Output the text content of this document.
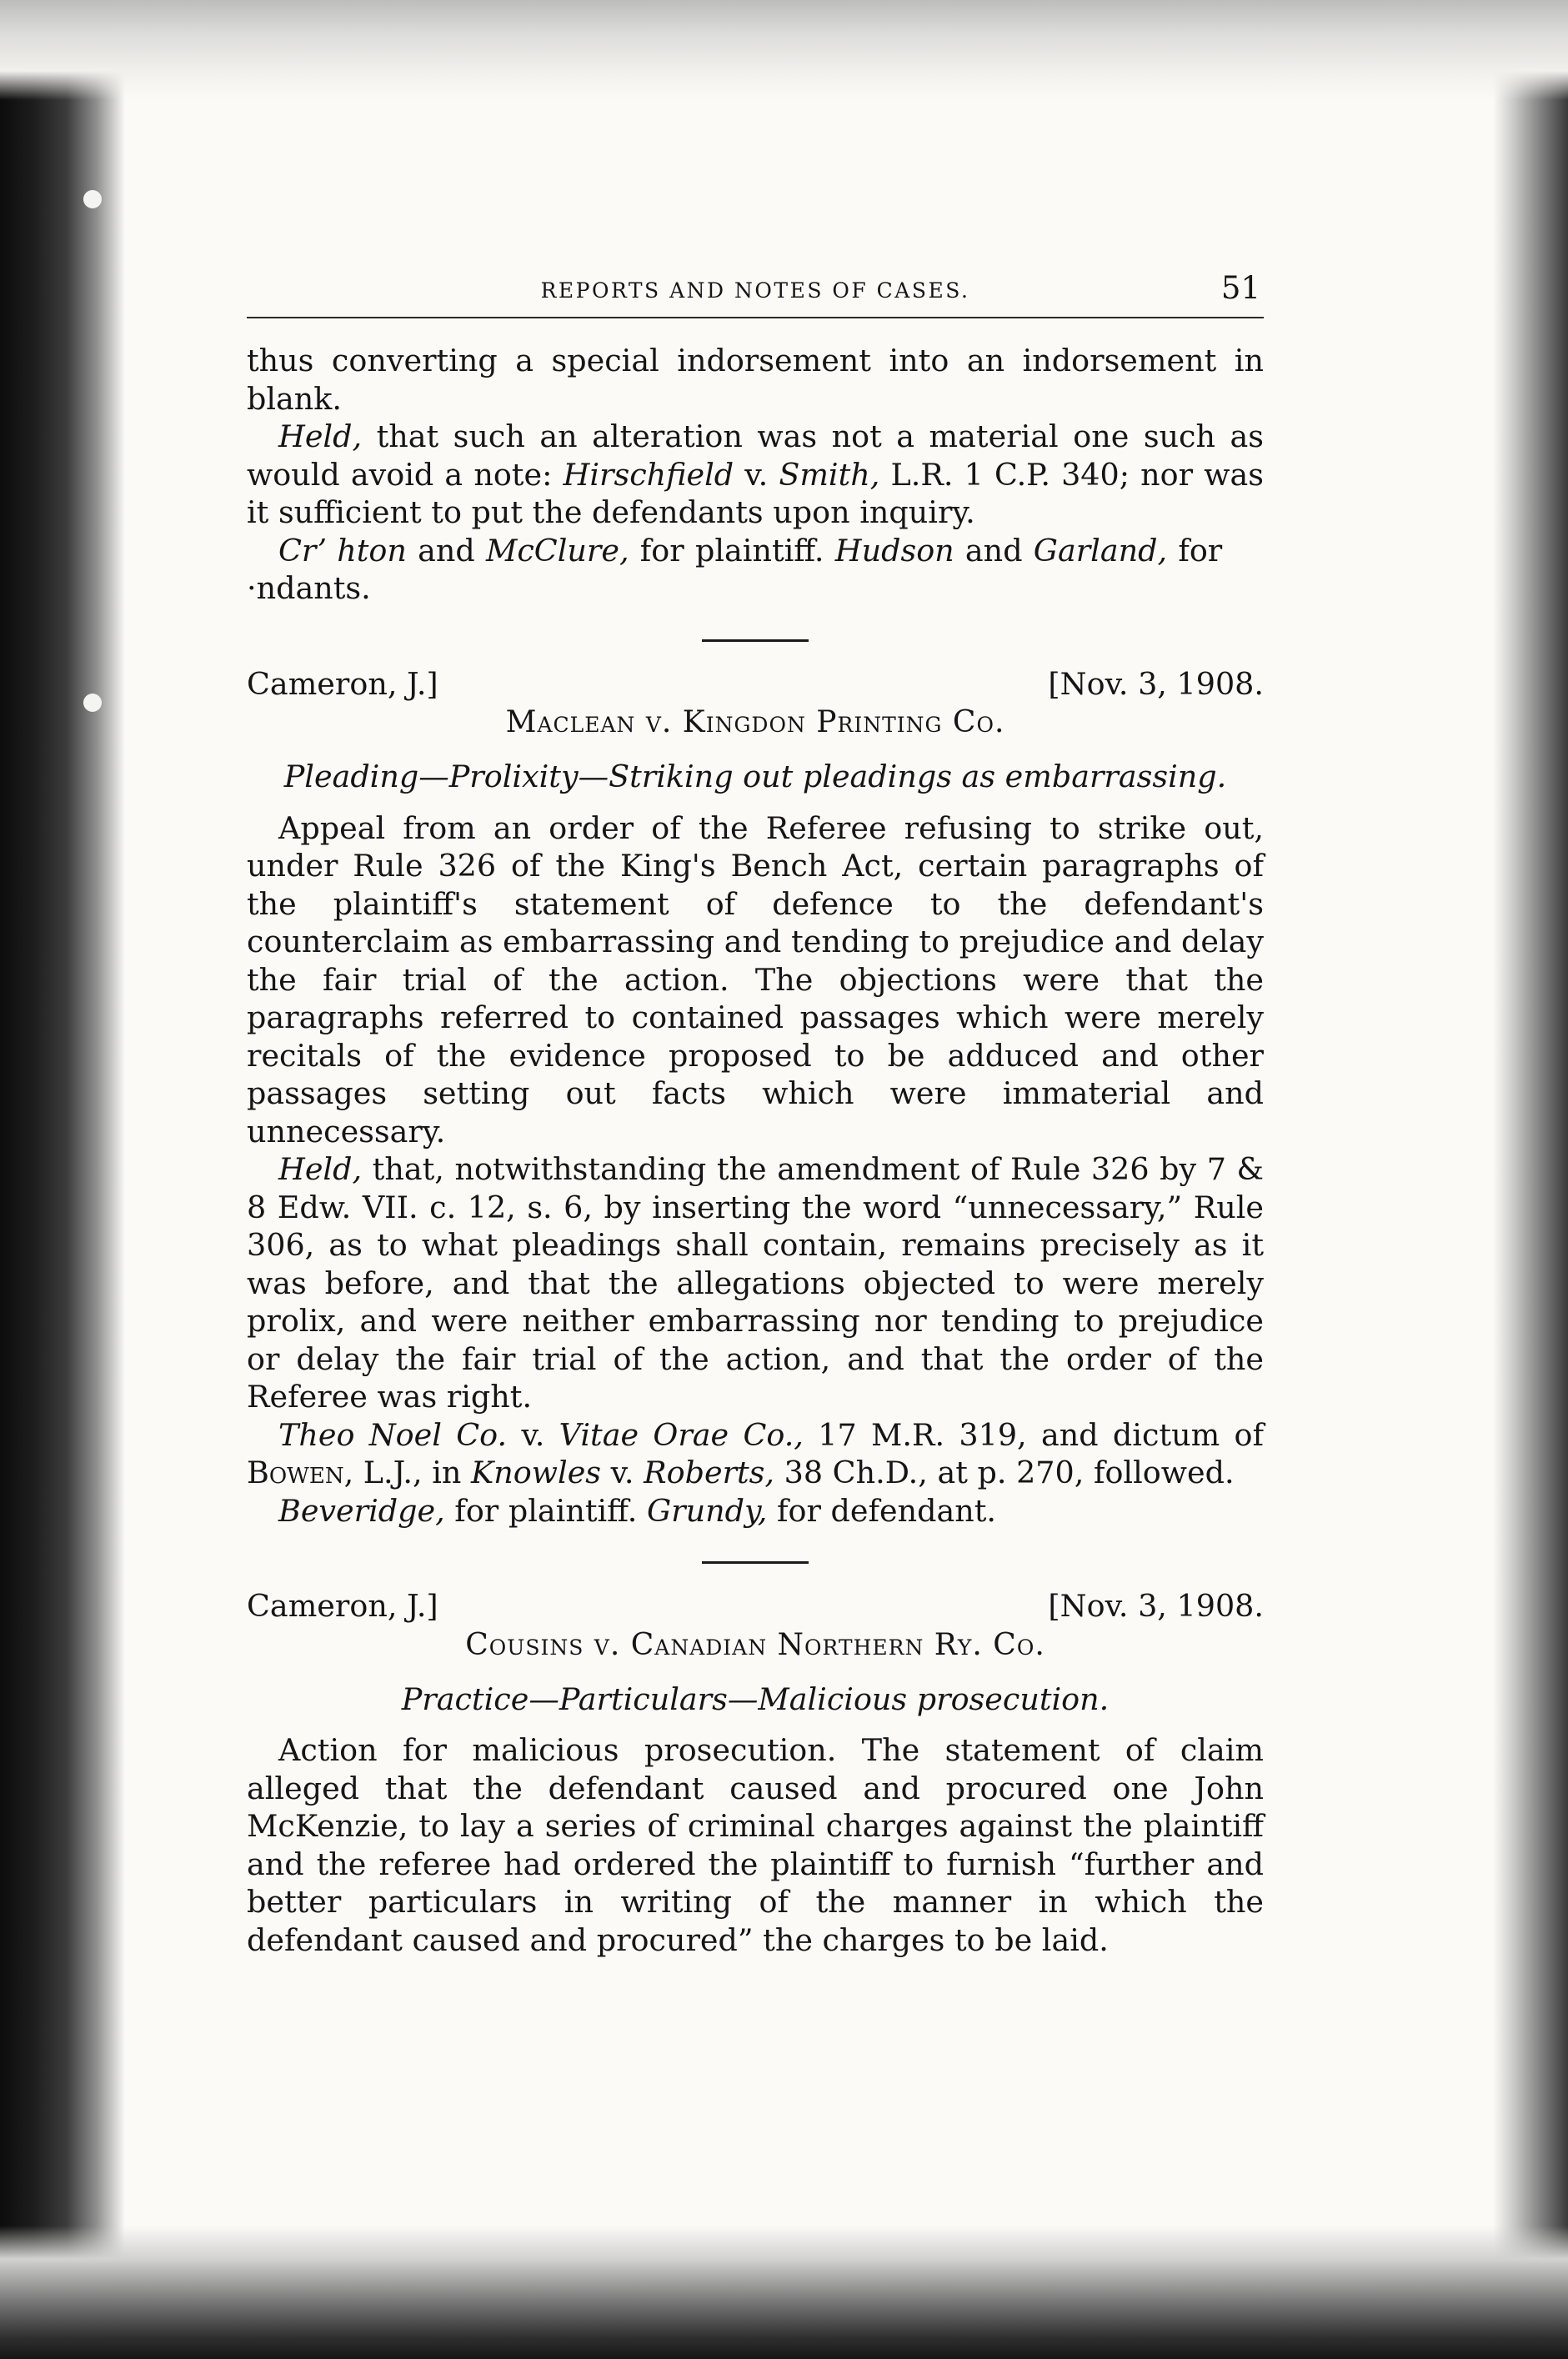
REPORTS AND NOTES OF CASES.	51

thus converting a special indorsement into an indorsement in blank.

Held, that such an alteration was not a material one such as would avoid a note: Hirschfield v. Smith, L.R. 1 C.P. 340; nor was it sufficient to put the defendants upon inquiry.

Crʼ hton and McClure, for plaintiff. Hudson and Garland, for   ·ndants.

Cameron, J.]	[Nov. 3, 1908.
Maclean v. Kingdon Printing Co.
Pleading—Prolixity—Striking out pleadings as embarrassing.

Appeal from an order of the Referee refusing to strike out, under Rule 326 of the King's Bench Act, certain paragraphs of the plaintiff's statement of defence to the defendant's counterclaim as embarrassing and tending to prejudice and delay the fair trial of the action. The objections were that the paragraphs referred to contained passages which were merely recitals of the evidence proposed to be adduced and other passages setting out facts which were immaterial and unnecessary.

Held, that, notwithstanding the amendment of Rule 326 by 7 & 8 Edw. VII. c. 12, s. 6, by inserting the word “unnecessary,” Rule 306, as to what pleadings shall contain, remains precisely as it was before, and that the allegations objected to were merely prolix, and were neither embarrassing nor tending to prejudice or delay the fair trial of the action, and that the order of the Referee was right.

Theo Noel Co. v. Vitae Orae Co., 17 M.R. 319, and dictum of Bowen, L.J., in Knowles v. Roberts, 38 Ch.D., at p. 270, followed.

Beveridge, for plaintiff. Grundy, for defendant.

Cameron, J.]	[Nov. 3, 1908.
Cousins v. Canadian Northern Ry. Co.
Practice—Particulars—Malicious prosecution.

Action for malicious prosecution. The statement of claim alleged that the defendant caused and procured one John McKenzie, to lay a series of criminal charges against the plaintiff and the referee had ordered the plaintiff to furnish “further and better particulars in writing of the manner in which the defendant caused and procured” the charges to be laid.
